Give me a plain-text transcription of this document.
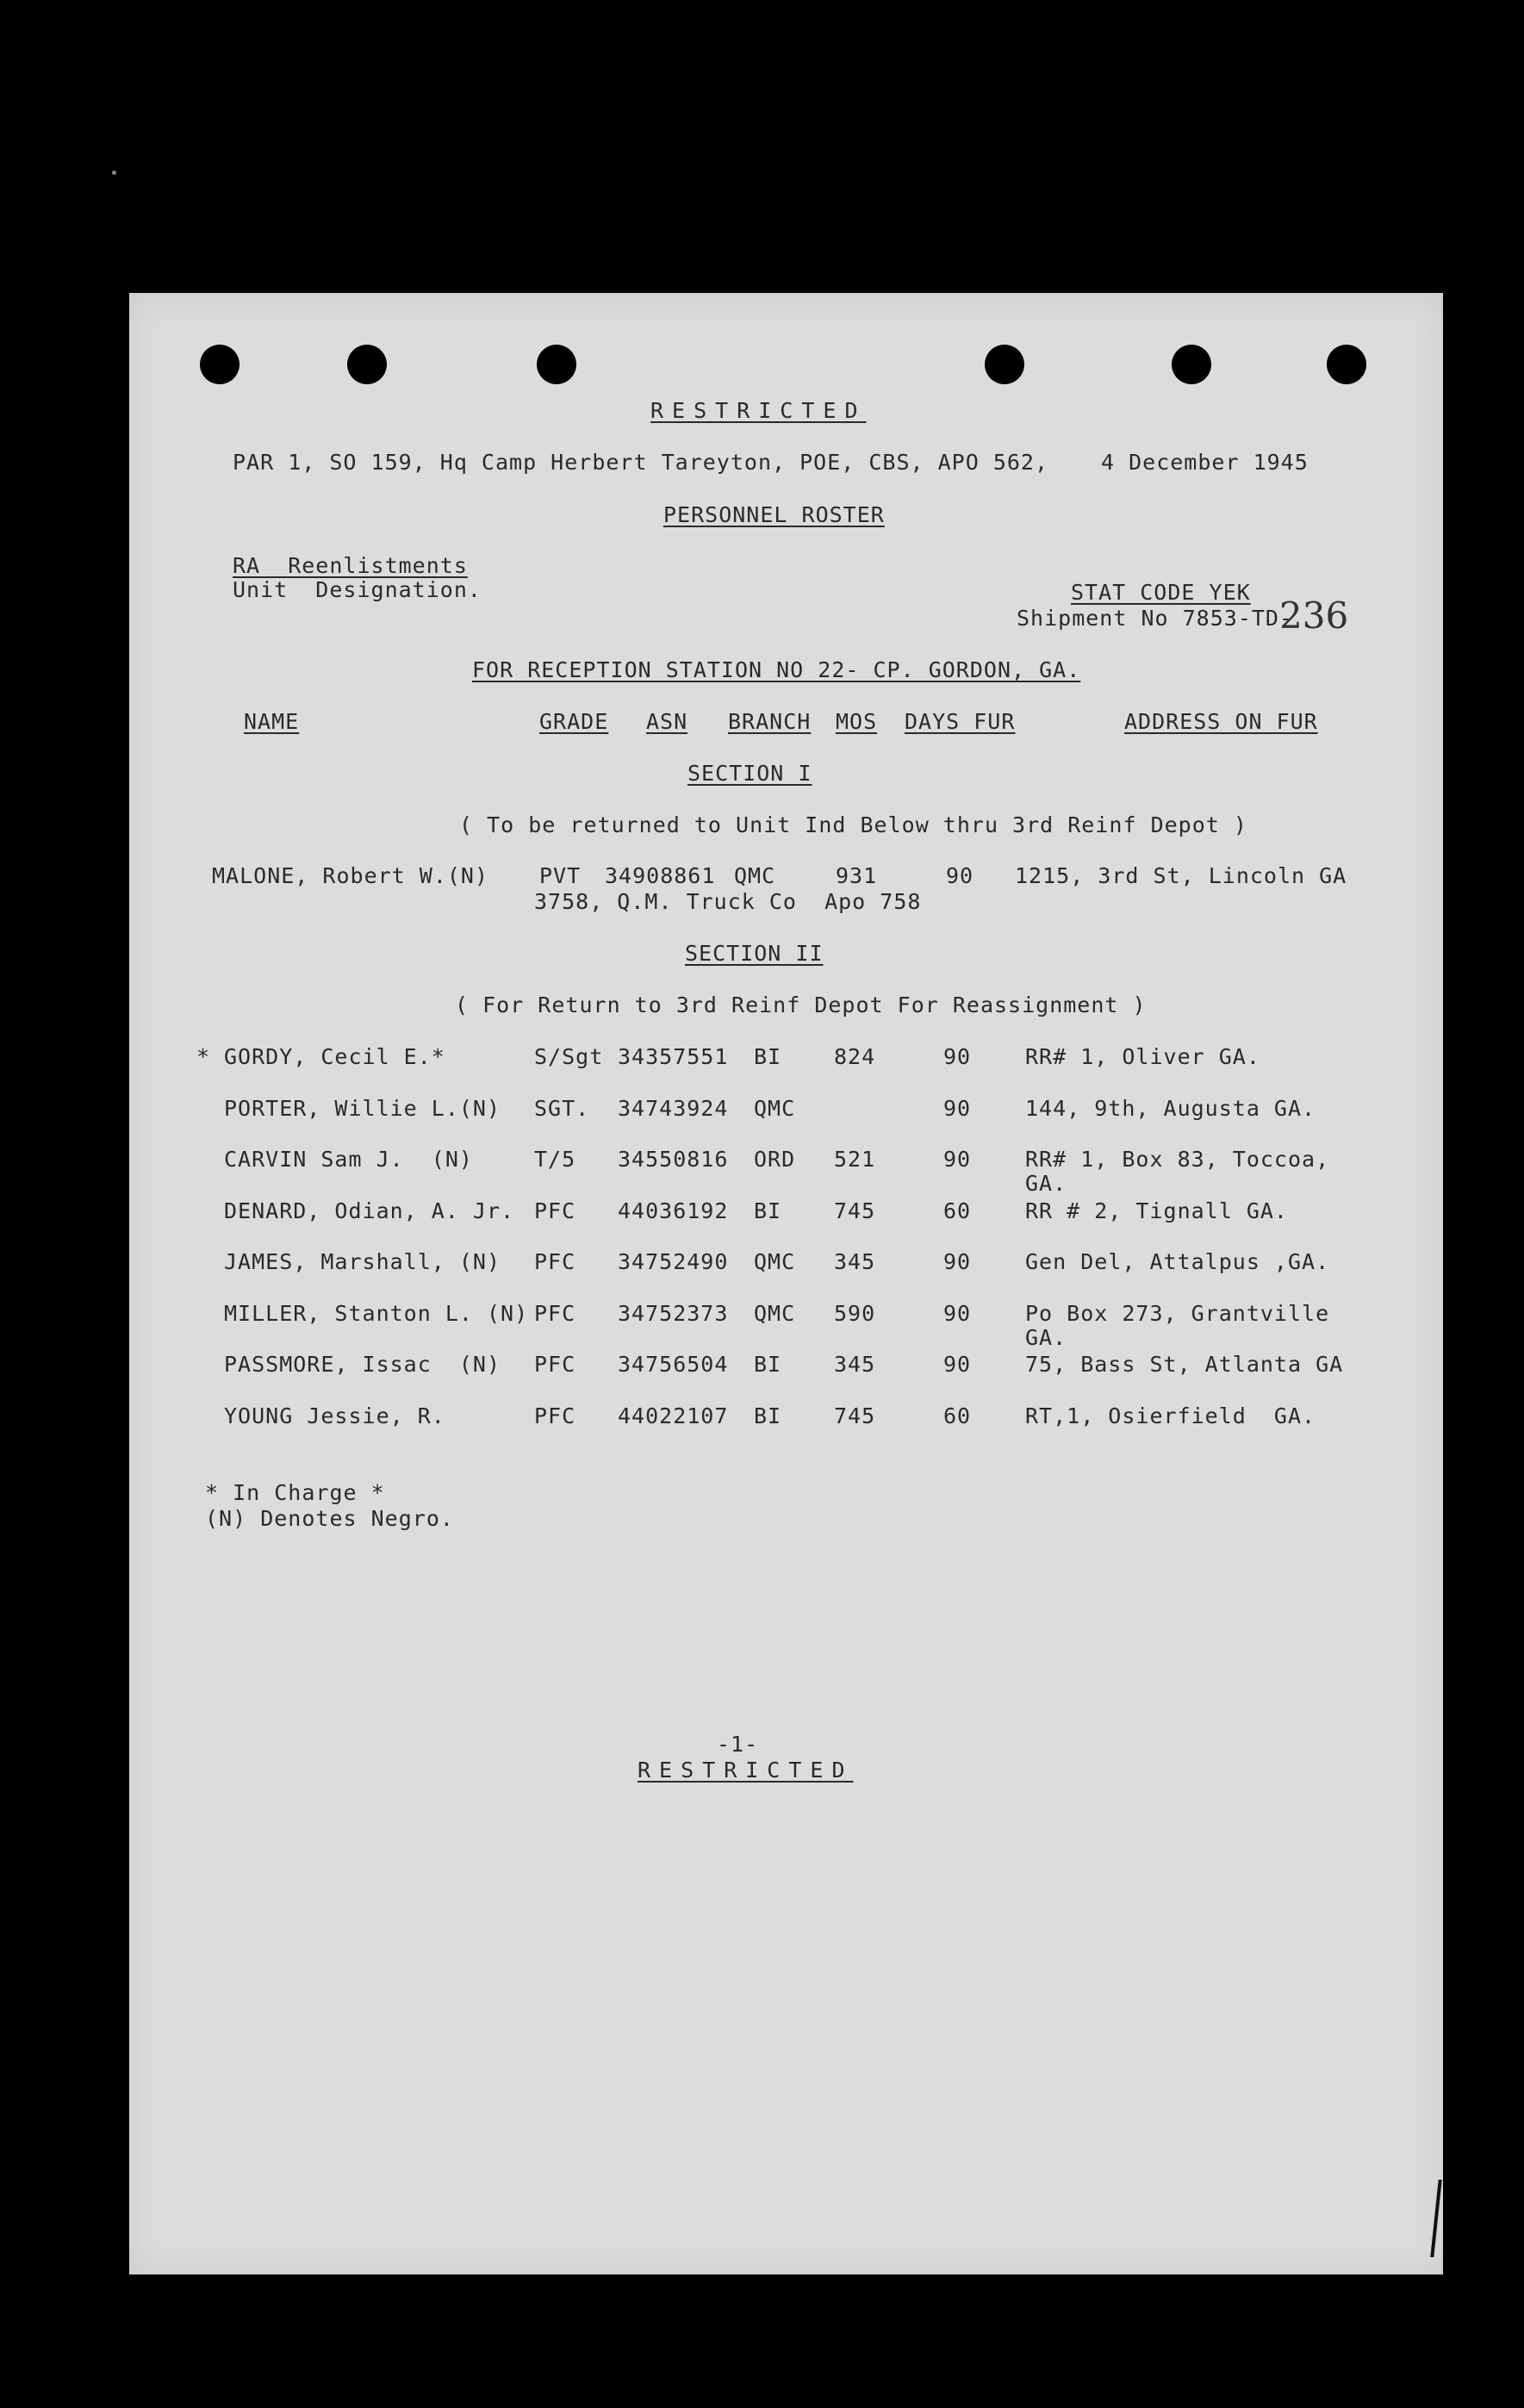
RESTRICTED
PAR 1, SO 159, Hq Camp Herbert Tareyton, POE, CBS, APO 562, 4 December 1945
PERSONNEL ROSTER
RA  Reenlistments
Unit  Designation.	STAT CODE YEK
Shipment No 7853-TD-
236
FOR RECEPTION STATION NO 22- CP. GORDON, GA.
NAME	GRADE ASN BRANCH MOS DAYS FUR	ADDRESS ON FUR
SECTION I
( To be returned to Unit Ind Below thru 3rd Reinf Depot )
MALONE, Robert W.(N) PVT 34908861 QMC	931	90 1215, 3rd St, Lincoln GA
3758, Q.M. Truck Co  Apo 758
SECTION II
( For Return to 3rd Reinf Depot For Reassignment )
* GORDY, Cecil E.*	S/Sgt 34357551 BI 824	90	RR# 1, Oliver GA.
PORTER, Willie L.(N) SGT. 34743924 QMC	90	144, 9th, Augusta GA.
CARVIN Sam J.  (N)	T/5 34550816 ORD 521	90	RR# 1, Box 83, Toccoa,
GA.
DENARD, Odian, A. Jr. PFC 44036192 BI 745	60	RR # 2, Tignall GA.
JAMES, Marshall, (N) PFC 34752490 QMC 345	90	Gen Del, Attalpus ,GA.
MILLER, Stanton L. (N) PFC 34752373 QMC 590	90	Po Box 273, Grantville
GA.
PASSMORE, Issac  (N) PFC 34756504 BI 345	90	75, Bass St, Atlanta GA
YOUNG Jessie, R.	PFC 44022107 BI 745	60	RT,1, Osierfield  GA.
* In Charge *
(N) Denotes Negro.
-1-
RESTRICTED
